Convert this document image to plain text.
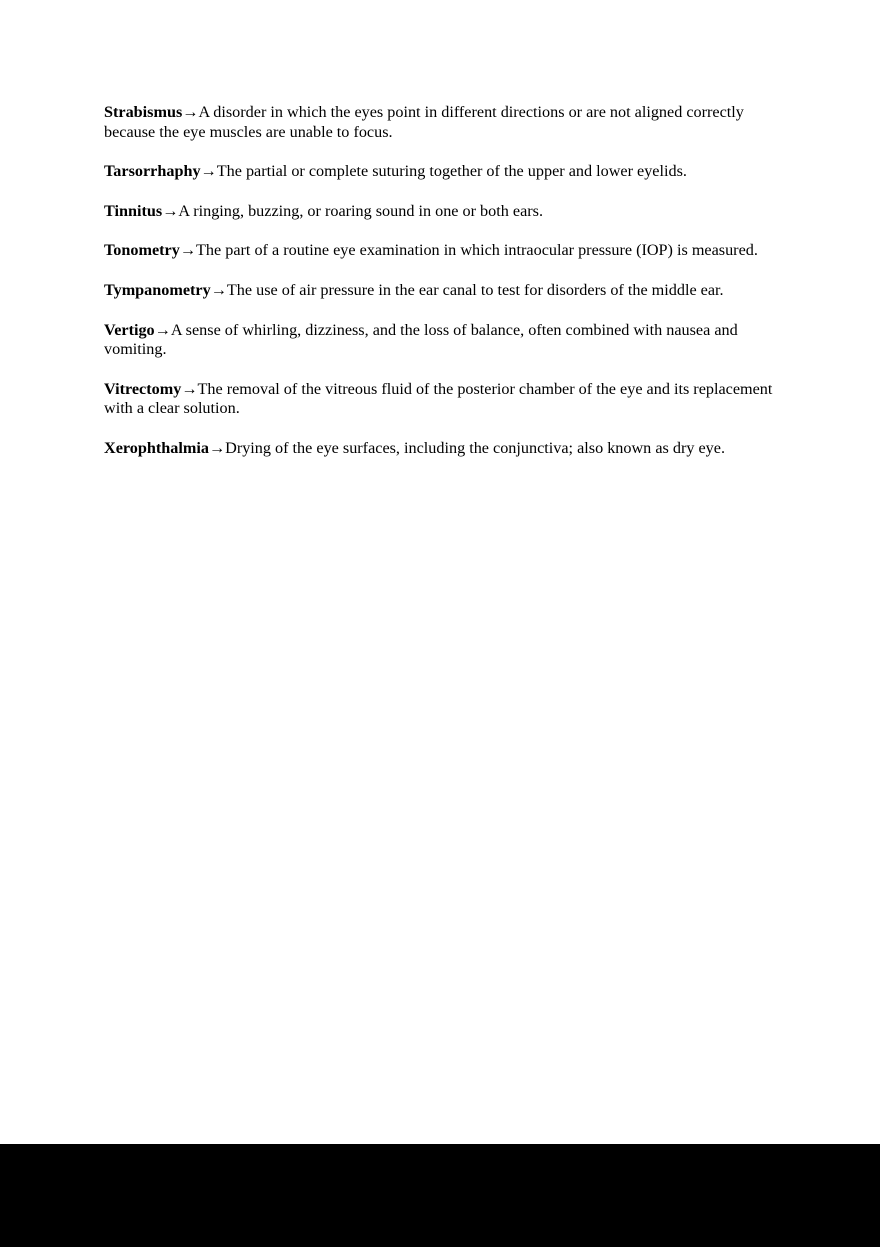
Strabismus→A disorder in which the eyes point in different directions or are not aligned correctly because the eye muscles are unable to focus.

Tarsorrhaphy→The partial or complete suturing together of the upper and lower eyelids.

Tinnitus→A ringing, buzzing, or roaring sound in one or both ears.

Tonometry→The part of a routine eye examination in which intraocular pressure (IOP) is measured.

Tympanometry→The use of air pressure in the ear canal to test for disorders of the middle ear.

Vertigo→A sense of whirling, dizziness, and the loss of balance, often combined with nausea and vomiting.

Vitrectomy→The removal of the vitreous fluid of the posterior chamber of the eye and its replacement with a clear solution.

Xerophthalmia→Drying of the eye surfaces, including the conjunctiva; also known as dry eye.
